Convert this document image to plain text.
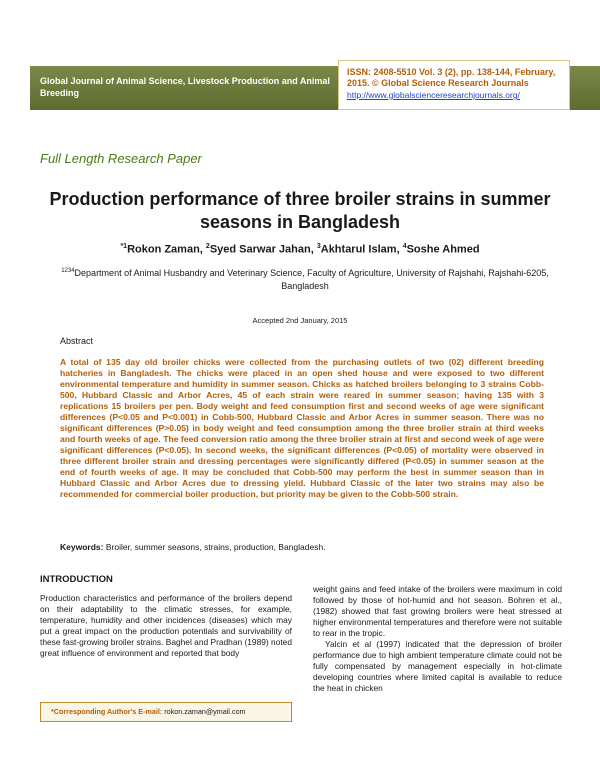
Global Journal of Animal Science, Livestock Production and Animal Breeding
ISSN: 2408-5510 Vol. 3 (2), pp. 138-144, February, 2015. © Global Science Research Journals
http://www.globalscienceresearchjournals.org/
Full Length Research Paper
Production performance of three broiler strains in summer seasons in Bangladesh
$^{*1}$Rokon Zaman, $^2$Syed Sarwar Jahan, $^3$Akhtarul Islam, $^4$Soshe Ahmed
$^{1234}$Department of Animal Husbandry and Veterinary Science, Faculty of Agriculture, University of Rajshahi, Rajshahi-6205, Bangladesh
Accepted 2nd January, 2015
Abstract
A total of 135 day old broiler chicks were collected from the purchasing outlets of two (02) different breeding hatcheries in Bangladesh. The chicks were placed in an open shed house and were exposed to two different environmental temperature and humidity in summer season. Chicks as hatched broilers belonging to 3 strains Cobb-500, Hubbard Classic and Arbor Acres, 45 of each strain were reared in summer season; having 135 with 3 replications 15 broilers per pen. Body weight and feed consumption first and second weeks of age were significant differences (P<0.05 and P<0.001) in Cobb-500, Hubbard Classic and Arbor Acres in summer season. There was no significant differences (P>0.05) in body weight and feed consumption among the three broiler strain at third weeks and fourth weeks of age. The feed conversion ratio among the three broiler strain at first and second week of age were significant differences (P<0.05). In second weeks, the significant differences (P<0.05) of mortality were observed in three different broiler strain and dressing percentages were significantly differed (P<0.05) in summer season at the end of fourth weeks of age. It may be concluded that Cobb-500 may perform the best in summer season than in Hubbard Classic and Arbor Acres due to dressing yield. Hubbard Classic of the later two strains may also be recommended for commercial boiler production, but priority may be given to the Cobb-500 strain.
Keywords: Broiler, summer seasons, strains, production, Bangladesh.
INTRODUCTION
Production characteristics and performance of the broilers depend on their adaptability to the climatic stresses, for example, temperature, humidity and other incidences (diseases) which may put a great impact on the production potentials and survivability of these fast-growing broiler strains. Baghel and Pradhan (1989) noted great influence of environment and reported that body

weight gains and feed intake of the broilers were maximum in cold followed by those of hot-humid and hot season. Bohren et al., (1982) showed that fast growing broilers were heat stressed at higher environmental temperatures and therefore were not suitable to rear in the tropic.

Yalcin et al (1997) indicated that the depression of broiler performance due to high ambient temperature climate could not be fully compensated by management especially in hot-climate developing countries where limited capital is available to reduce the heat in chicken

*Corresponding Author's E-mail: rokon.zaman@ymail.com
